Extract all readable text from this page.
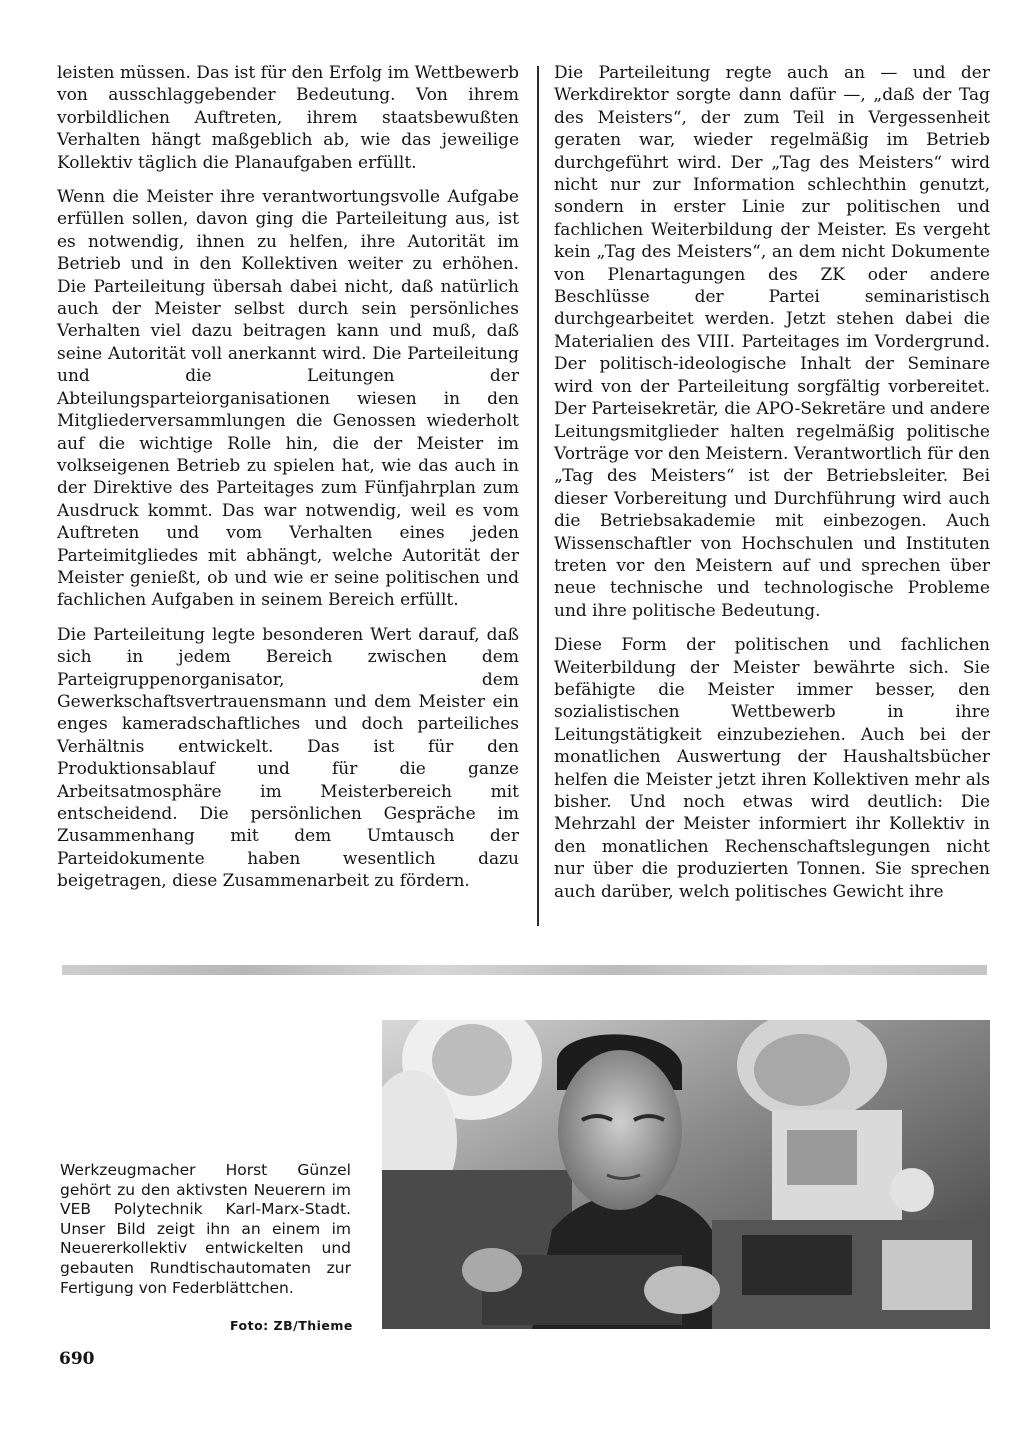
leisten müssen. Das ist für den Erfolg im Wettbewerb von ausschlaggebender Bedeutung. Von ihrem vorbildlichen Auftreten, ihrem staatsbewußten Verhalten hängt maßgeblich ab, wie das jeweilige Kollektiv täglich die Planaufgaben erfüllt.

Wenn die Meister ihre verantwortungsvolle Aufgabe erfüllen sollen, davon ging die Parteileitung aus, ist es notwendig, ihnen zu helfen, ihre Autorität im Betrieb und in den Kollektiven weiter zu erhöhen. Die Parteileitung übersah dabei nicht, daß natürlich auch der Meister selbst durch sein persönliches Verhalten viel dazu beitragen kann und muß, daß seine Autorität voll anerkannt wird. Die Parteileitung und die Leitungen der Abteilungsparteiorganisationen wiesen in den Mitgliederversammlungen die Genossen wiederholt auf die wichtige Rolle hin, die der Meister im volkseigenen Betrieb zu spielen hat, wie das auch in der Direktive des Parteitages zum Fünfjahrplan zum Ausdruck kommt. Das war notwendig, weil es vom Auftreten und vom Verhalten eines jeden Parteimitgliedes mit abhängt, welche Autorität der Meister genießt, ob und wie er seine politischen und fachlichen Aufgaben in seinem Bereich erfüllt.

Die Parteileitung legte besonderen Wert darauf, daß sich in jedem Bereich zwischen dem Parteigruppenorganisator, dem Gewerkschaftsvertrauensmann und dem Meister ein enges kameradschaftliches und doch parteiliches Verhältnis entwickelt. Das ist für den Produktionsablauf und für die ganze Arbeitsatmosphäre im Meisterbereich mit entscheidend. Die persönlichen Gespräche im Zusammenhang mit dem Umtausch der Parteidokumente haben wesentlich dazu beigetragen, diese Zusammenarbeit zu fördern.

Die Parteileitung regte auch an — und der Werkdirektor sorgte dann dafür —, „daß der Tag des Meisters“, der zum Teil in Vergessenheit geraten war, wieder regelmäßig im Betrieb durchgeführt wird. Der „Tag des Meisters“ wird nicht nur zur Information schlechthin genutzt, sondern in erster Linie zur politischen und fachlichen Weiterbildung der Meister. Es vergeht kein „Tag des Meisters“, an dem nicht Dokumente von Plenartagungen des ZK oder andere Beschlüsse der Partei seminaristisch durchgearbeitet werden. Jetzt stehen dabei die Materialien des VIII. Parteitages im Vordergrund. Der politisch-ideologische Inhalt der Seminare wird von der Parteileitung sorgfältig vorbereitet. Der Parteisekretär, die APO-Sekretäre und andere Leitungsmitglieder halten regelmäßig politische Vorträge vor den Meistern. Verantwortlich für den „Tag des Meisters“ ist der Betriebsleiter. Bei dieser Vorbereitung und Durchführung wird auch die Betriebsakademie mit einbezogen. Auch Wissenschaftler von Hochschulen und Instituten treten vor den Meistern auf und sprechen über neue technische und technologische Probleme und ihre politische Bedeutung.

Diese Form der politischen und fachlichen Weiterbildung der Meister bewährte sich. Sie befähigte die Meister immer besser, den sozialistischen Wettbewerb in ihre Leitungstätigkeit einzubeziehen. Auch bei der monatlichen Auswertung der Haushaltsbücher helfen die Meister jetzt ihren Kollektiven mehr als bisher. Und noch etwas wird deutlich: Die Mehrzahl der Meister informiert ihr Kollektiv in den monatlichen Rechenschaftslegungen nicht nur über die produzierten Tonnen. Sie sprechen auch darüber, welch politisches Gewicht ihre

Werkzeugmacher Horst Günzel gehört zu den aktivsten Neuerern im VEB Polytechnik Karl-Marx-Stadt. Unser Bild zeigt ihn an einem im Neuererkollektiv entwickelten und gebauten Rundtischautomaten zur Fertigung von Federblättchen.
Foto: ZB/Thieme
690
